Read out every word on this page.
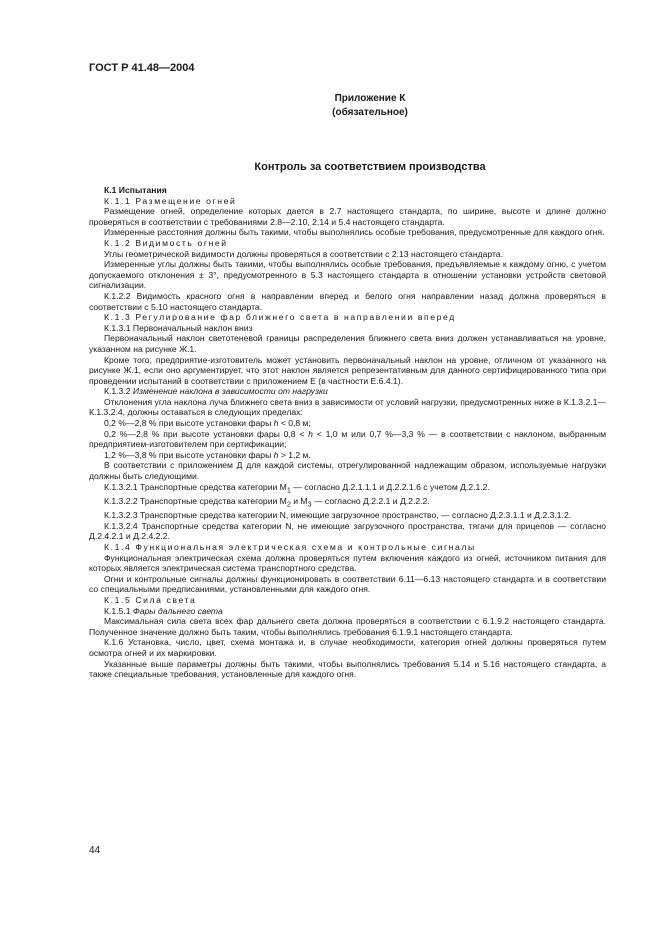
ГОСТ Р 41.48—2004
Приложение К
(обязательное)
Контроль за соответствием производства

К.1 Испытания

К.1.1 Размещение огней

Размещение огней, определение которых дается в 2.7 настоящего стандарта, по ширине, высоте и длине должно проверяться в соответствии с требованиями 2.8—2.10, 2.14 и 5.4 настоящего стандарта.

Измеренные расстояния должны быть такими, чтобы выполнялись особые требования, предусмотренные для каждого огня.

К.1.2 Видимость огней

Углы геометрической видимости должны проверяться в соответствии с 2.13 настоящего стандарта.

Измеренные углы должны быть такими, чтобы выполнялись особые требования, предъявляемые к каждому огню, с учетом допускаемого отклонения ± 3°, предусмотренного в 5.3 настоящего стандарта в отношении установки устройств световой сигнализации.

К.1.2.2 Видимость красного огня в направлении вперед и белого огня направлении назад должна проверяться в соответствии с 5.10 настоящего стандарта.

К.1.3 Регулирование фар ближнего света в направлении вперед

К.1.3.1 Первоначальный наклон вниз

Первоначальный наклон светотеневой границы распределения ближнего света вниз должен устанавливаться на уровне, указанном на рисунке Ж.1.

Кроме того, предприятие-изготовитель может установить первоначальный наклон на уровне, отличном от указанного на рисунке Ж.1, если оно аргументирует, что этот наклон является репрезентативным для данного сертифицированного типа при проведении испытаний в соответствии с приложением Е (в частности Е.6.4.1).

К.1.3.2 Изменение наклона в зависимости от нагрузки

Отклонения угла наклона луча ближнего света вниз в зависимости от условий нагрузки, предусмотренных ниже в К.1.3.2.1—К.1.3.2.4, должны оставаться в следующих пределах:

0,2 %—2,8 % при высоте установки фары h < 0,8 м;

0,2 %—2,8 % при высоте установки фары 0,8 < h < 1,0 м или 0,7 %—3,3 % — в соответствии с наклоном, выбранным предприятием-изготовителем при сертификации;

1,2 %—3,8 % при высоте установки фары h > 1,2 м.

В соответствии с приложением Д для каждой системы, отрегулированной надлежащим образом, используемые нагрузки должны быть следующими.

К.1.3.2.1 Транспортные средства категории $М_1$ — согласно Д.2.1.1.1 и Д.2.2.1.6 с учетом Д.2.1.2.

К.1.3.2.2 Транспортные средства категории $М_2$ и $М_3$ — согласно Д.2.2.1 и Д.2.2.2.

К.1.3.2.3 Транспортные средства категории N, имеющие загрузочное пространство, — согласно Д.2.3.1.1 и Д.2.3.1.2.

К.1.3.2.4 Транспортные средства категории N, не имеющие загрузочного пространства, тягачи для прицепов — согласно Д.2.4.2.1 и Д.2.4.2.2.

К.1.4 Функциональная электрическая схема и контрольные сигналы

Функциональная электрическая схема должна проверяться путем включения каждого из огней, источником питания для которых является электрическая система транспортного средства.

Огни и контрольные сигналы должны функционировать в соответствии 6.11—6.13 настоящего стандарта и в соответствии со специальными предписаниями, установленными для каждого огня.

К.1.5 Сила света

К.1.5.1 Фары дальнего света

Максимальная сила света всех фар дальнего света должна проверяться в соответствии с 6.1.9.2 настоящего стандарта. Полученное значение должно быть таким, чтобы выполнялись требования 6.1.9.1 настоящего стандарта.

К.1.6 Установка, число, цвет, схема монтажа и, в случае необходимости, категория огней должны проверяться путем осмотра огней и их маркировки.

Указанные выше параметры должны быть такими, чтобы выполнялись требования 5.14 и 5.16 настоящего стандарта, а также специальные требования, установленные для каждого огня.

44
